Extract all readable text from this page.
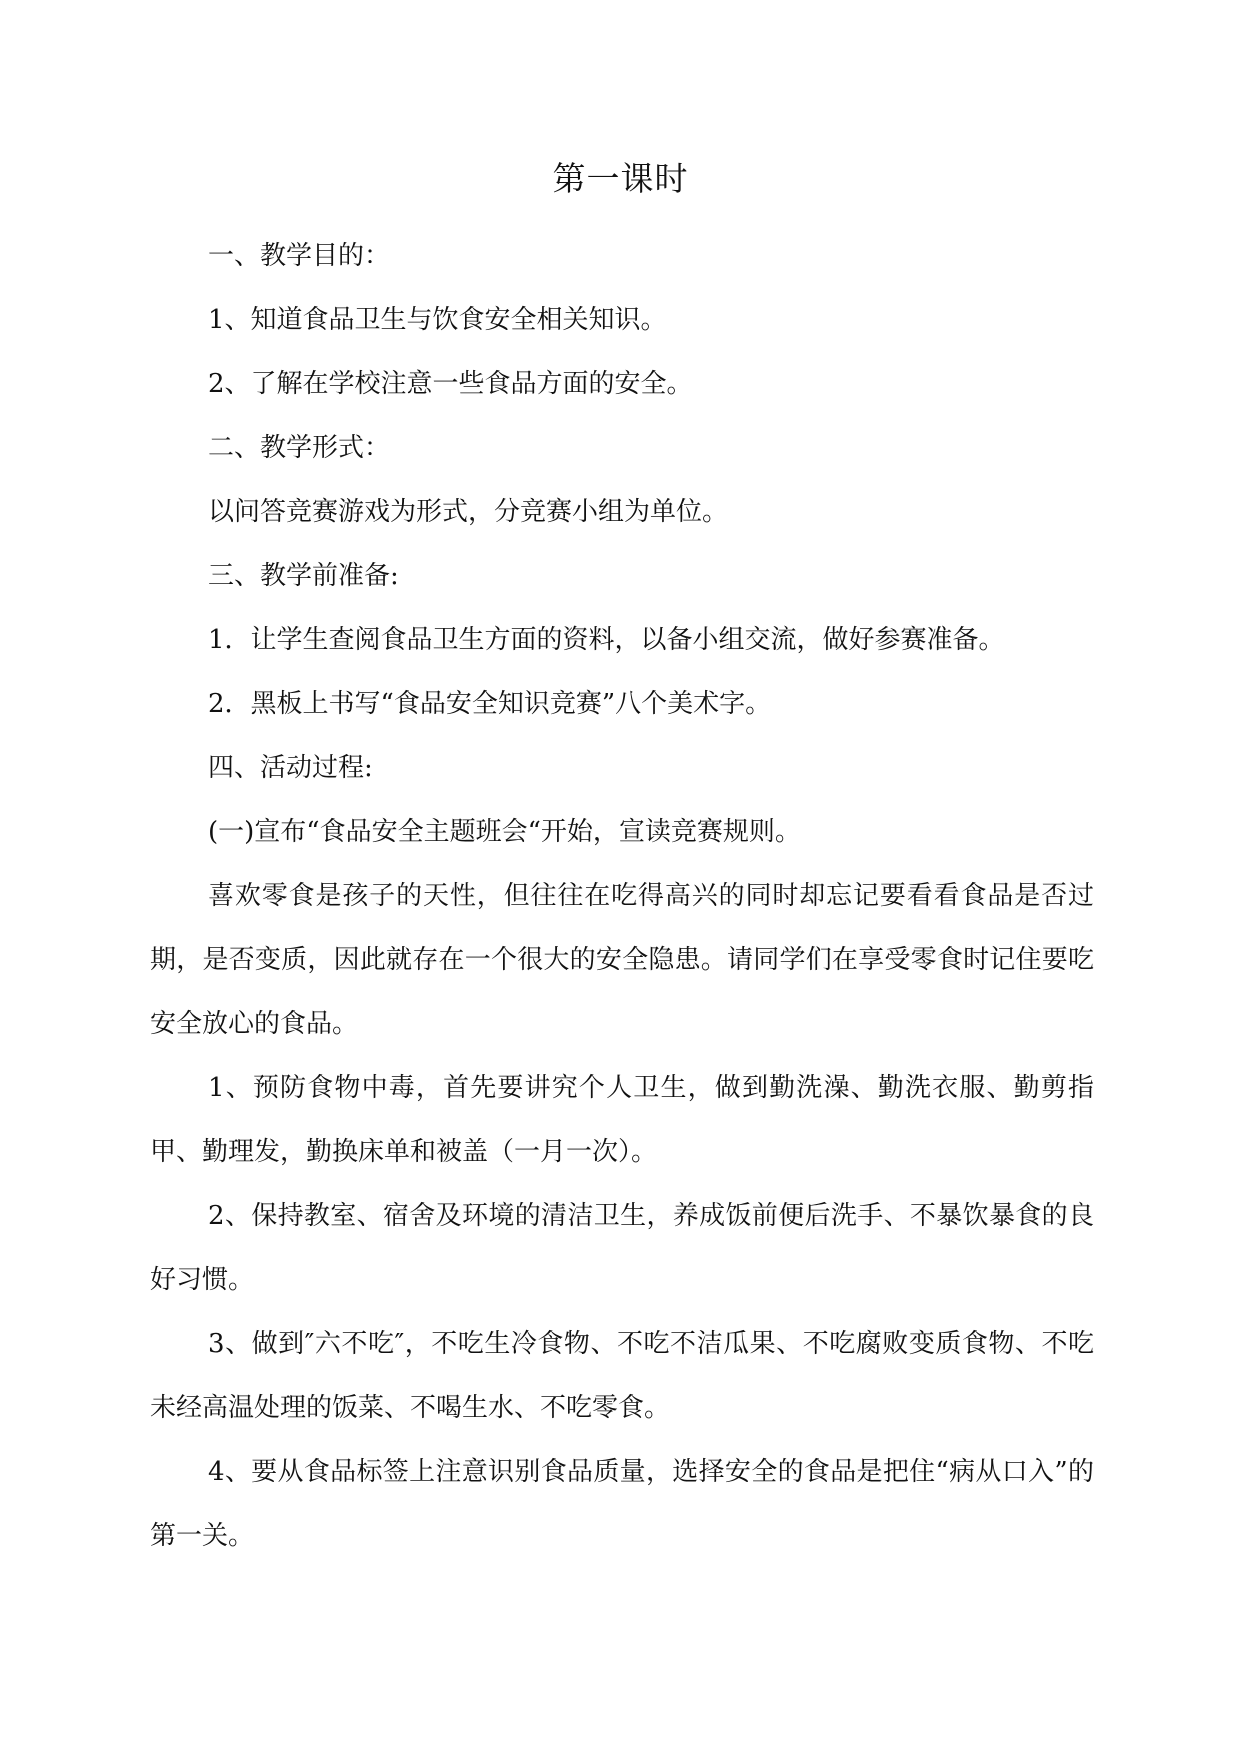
第一课时

一、教学目的：

1、知道食品卫生与饮食安全相关知识。

2、了解在学校注意一些食品方面的安全。

二、教学形式：

以问答竞赛游戏为形式，分竞赛小组为单位。

三、教学前准备:

1．让学生查阅食品卫生方面的资料，以备小组交流，做好参赛准备。

2．黑板上书写“食品安全知识竞赛”八个美术字。

四、活动过程:

(一)宣布“食品安全主题班会“开始，宣读竞赛规则。

喜欢零食是孩子的天性，但往往在吃得高兴的同时却忘记要看看食品是否过期，是否变质，因此就存在一个很大的安全隐患。请同学们在享受零食时记住要吃安全放心的食品。

1、预防食物中毒，首先要讲究个人卫生，做到勤洗澡、勤洗衣服、勤剪指甲、勤理发，勤换床单和被盖（一月一次）。

2、保持教室、宿舍及环境的清洁卫生，养成饭前便后洗手、不暴饮暴食的良好习惯。

3、做到″六不吃″，不吃生冷食物、不吃不洁瓜果、不吃腐败变质食物、不吃未经高温处理的饭菜、不喝生水、不吃零食。

4、要从食品标签上注意识别食品质量，选择安全的食品是把住“病从口入”的第一关。
